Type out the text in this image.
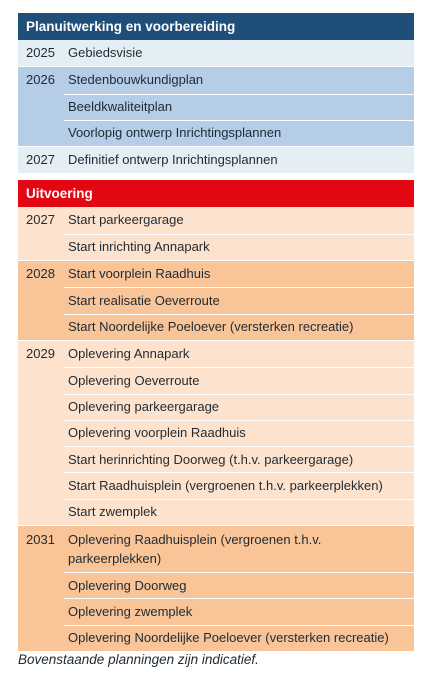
Planuitwerking en voorbereiding
2025	Gebiedsvisie
2026	Stedenbouwkundigplan
Beeldkwaliteitplan
Voorlopig ontwerp Inrichtingsplannen
2027	Definitief ontwerp Inrichtingsplannen
Uitvoering
2027	Start parkeergarage
Start inrichting Annapark
2028	Start voorplein Raadhuis
Start realisatie Oeverroute
Start Noordelijke Poeloever (versterken recreatie)
2029	Oplevering Annapark
Oplevering Oeverroute
Oplevering parkeergarage
Oplevering voorplein Raadhuis
Start herinrichting Doorweg (t.h.v. parkeergarage)
Start Raadhuisplein (vergroenen t.h.v. parkeerplekken)
Start zwemplek
2031	Oplevering Raadhuisplein (vergroenen t.h.v. parkeerplekken)
Oplevering Doorweg
Oplevering zwemplek
Oplevering Noordelijke Poeloever (versterken recreatie)
Bovenstaande planningen zijn indicatief.
